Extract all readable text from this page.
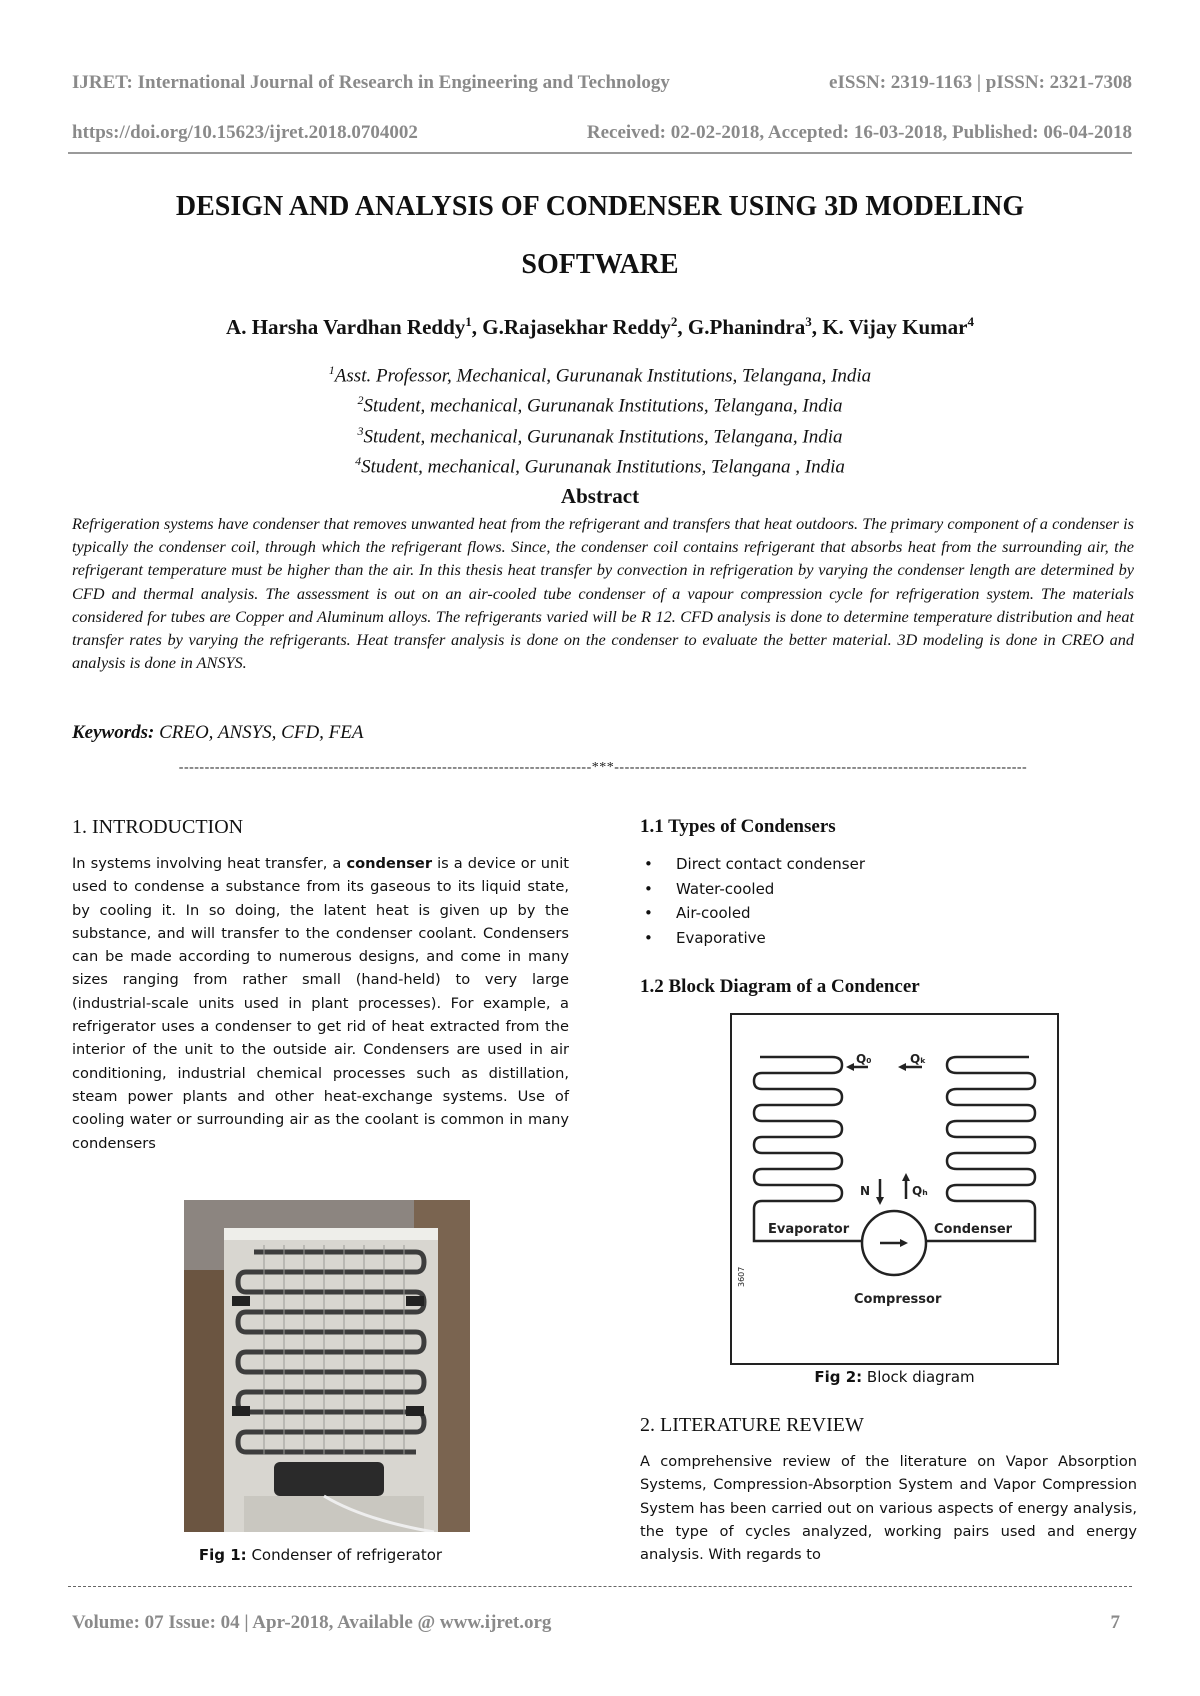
IJRET: International Journal of Research in Engineering and Technology	eISSN: 2319-1163 | pISSN: 2321-7308
https://doi.org/10.15623/ijret.2018.0704002	Received: 02-02-2018, Accepted: 16-03-2018, Published: 06-04-2018
DESIGN AND ANALYSIS OF CONDENSER USING 3D MODELING
SOFTWARE
A. Harsha Vardhan Reddy$^1$, G.Rajasekhar Reddy$^2$, G.Phanindra$^3$, K. Vijay Kumar$^4$
$^1$Asst. Professor, Mechanical, Gurunanak Institutions, Telangana, India
$^2$Student, mechanical, Gurunanak Institutions, Telangana, India
$^3$Student, mechanical, Gurunanak Institutions, Telangana, India
$^4$Student, mechanical, Gurunanak Institutions, Telangana , India
Abstract

Refrigeration systems have condenser that removes unwanted heat from the refrigerant and transfers that heat outdoors. The primary component of a condenser is typically the condenser coil, through which the refrigerant flows. Since, the condenser coil contains refrigerant that absorbs heat from the surrounding air, the refrigerant temperature must be higher than the air. In this thesis heat transfer by convection in refrigeration by varying the condenser length are determined by CFD and thermal analysis. The assessment is out on an air-cooled tube condenser of a vapour compression cycle for refrigeration system. The materials considered for tubes are Copper and Aluminum alloys. The refrigerants varied will be R 12. CFD analysis is done to determine temperature distribution and heat transfer rates by varying the refrigerants. Heat transfer analysis is done on the condenser to evaluate the better material. 3D modeling is done in CREO and analysis is done in ANSYS.

Keywords: CREO, ANSYS, CFD, FEA
--------------------------------------------------------------------------------***--------------------------------------------------------------------------------
1. INTRODUCTION

In systems involving heat transfer, a condenser is a device or unit used to condense a substance from its gaseous to its liquid state, by cooling it. In so doing, the latent heat is given up by the substance, and will transfer to the condenser coolant. Condensers can be made according to numerous designs, and come in many sizes ranging from rather small (hand-held) to very large (industrial-scale units used in plant processes). For example, a refrigerator uses a condenser to get rid of heat extracted from the interior of the unit to the outside air. Condensers are used in air conditioning, industrial chemical processes such as distillation, steam power plants and other heat-exchange systems. Use of cooling water or surrounding air as the coolant is common in many condensers

Fig 1: Condenser of refrigerator
1.1 Types of Condensers
• Direct contact condenser
• Water-cooled
• Air-cooled
• Evaporative
1.2 Block Diagram of a Condencer
Q₀	Qₖ
N	Qₕ
Evaporator	Condenser
Compressor
3607
Fig 2: Block diagram
2. LITERATURE REVIEW

A comprehensive review of the literature on Vapor Absorption Systems, Compression-Absorption System and Vapor Compression System has been carried out on various aspects of energy analysis, the type of cycles analyzed, working pairs used and energy analysis. With regards to

Volume: 07 Issue: 04 | Apr-2018, Available @ www.ijret.org	7
